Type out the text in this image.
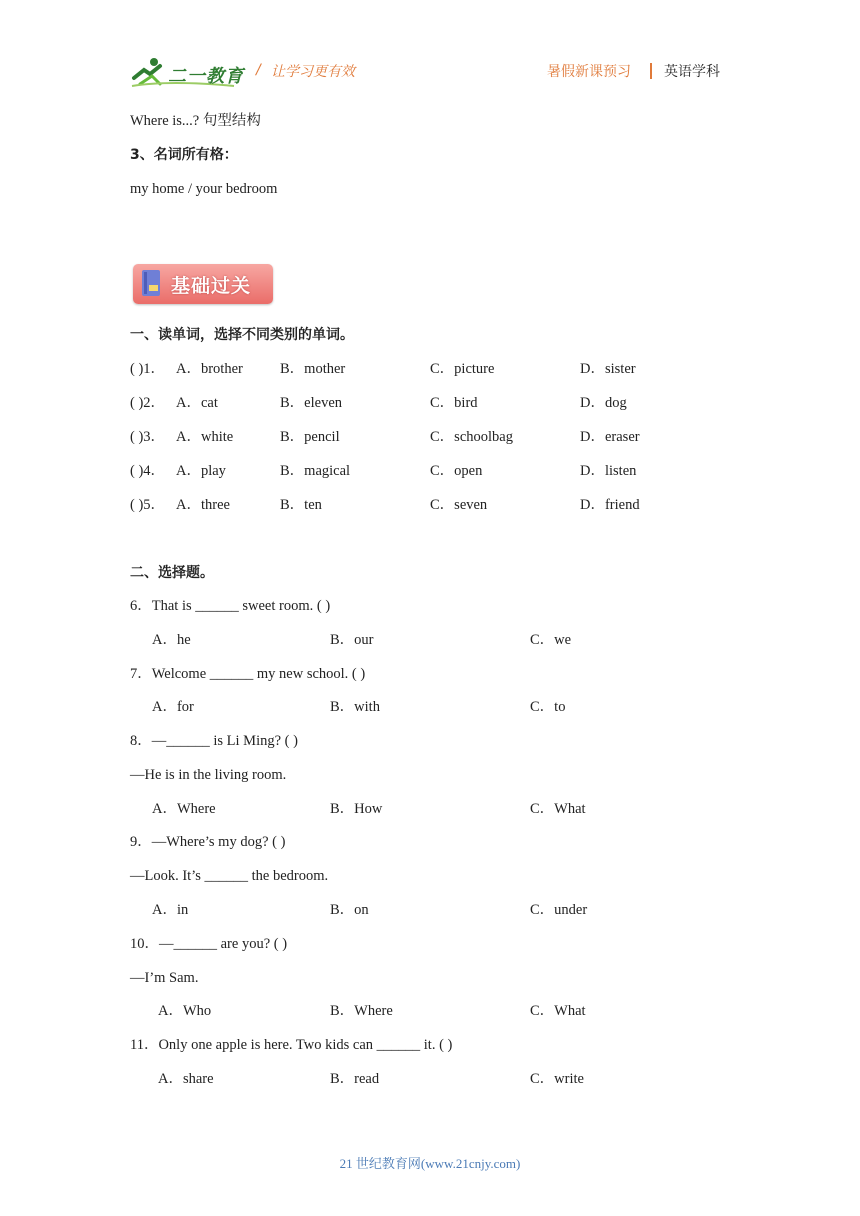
二一教育 / 让学习更有效	暑假新课预习 英语学科
Where is...? 句型结构
3、名词所有格：
my home / your bedroom
基础过关
一、读单词，选择不同类别的单词。
( )1． A．brother	B．mother	C．picture	D．sister
( )2． A．cat	B．eleven	C．bird	D．dog
( )3． A．white	B．pencil	C．schoolbag	D．eraser
( )4． A．play	B．magical	C．open	D．listen
( )5． A．three	B．ten	C．seven	D．friend
二、选择题。
6．That is ______ sweet room. ( )
A．he	B．our	C．we
7．Welcome ______ my new school. ( )
A．for	B．with	C．to
8．—______ is Li Ming? ( )
—He is in the living room.
A．Where	B．How	C．What
9．—Where’s my dog? ( )
—Look. It’s ______ the bedroom.
A．in	B．on	C．under
10．—______ are you? ( )
—I’m Sam.
A．Who	B．Where	C．What
11．Only one apple is here. Two kids can ______ it. ( )
A．share	B．read	C．write
21 世纪教育网(www.21cnjy.com)
